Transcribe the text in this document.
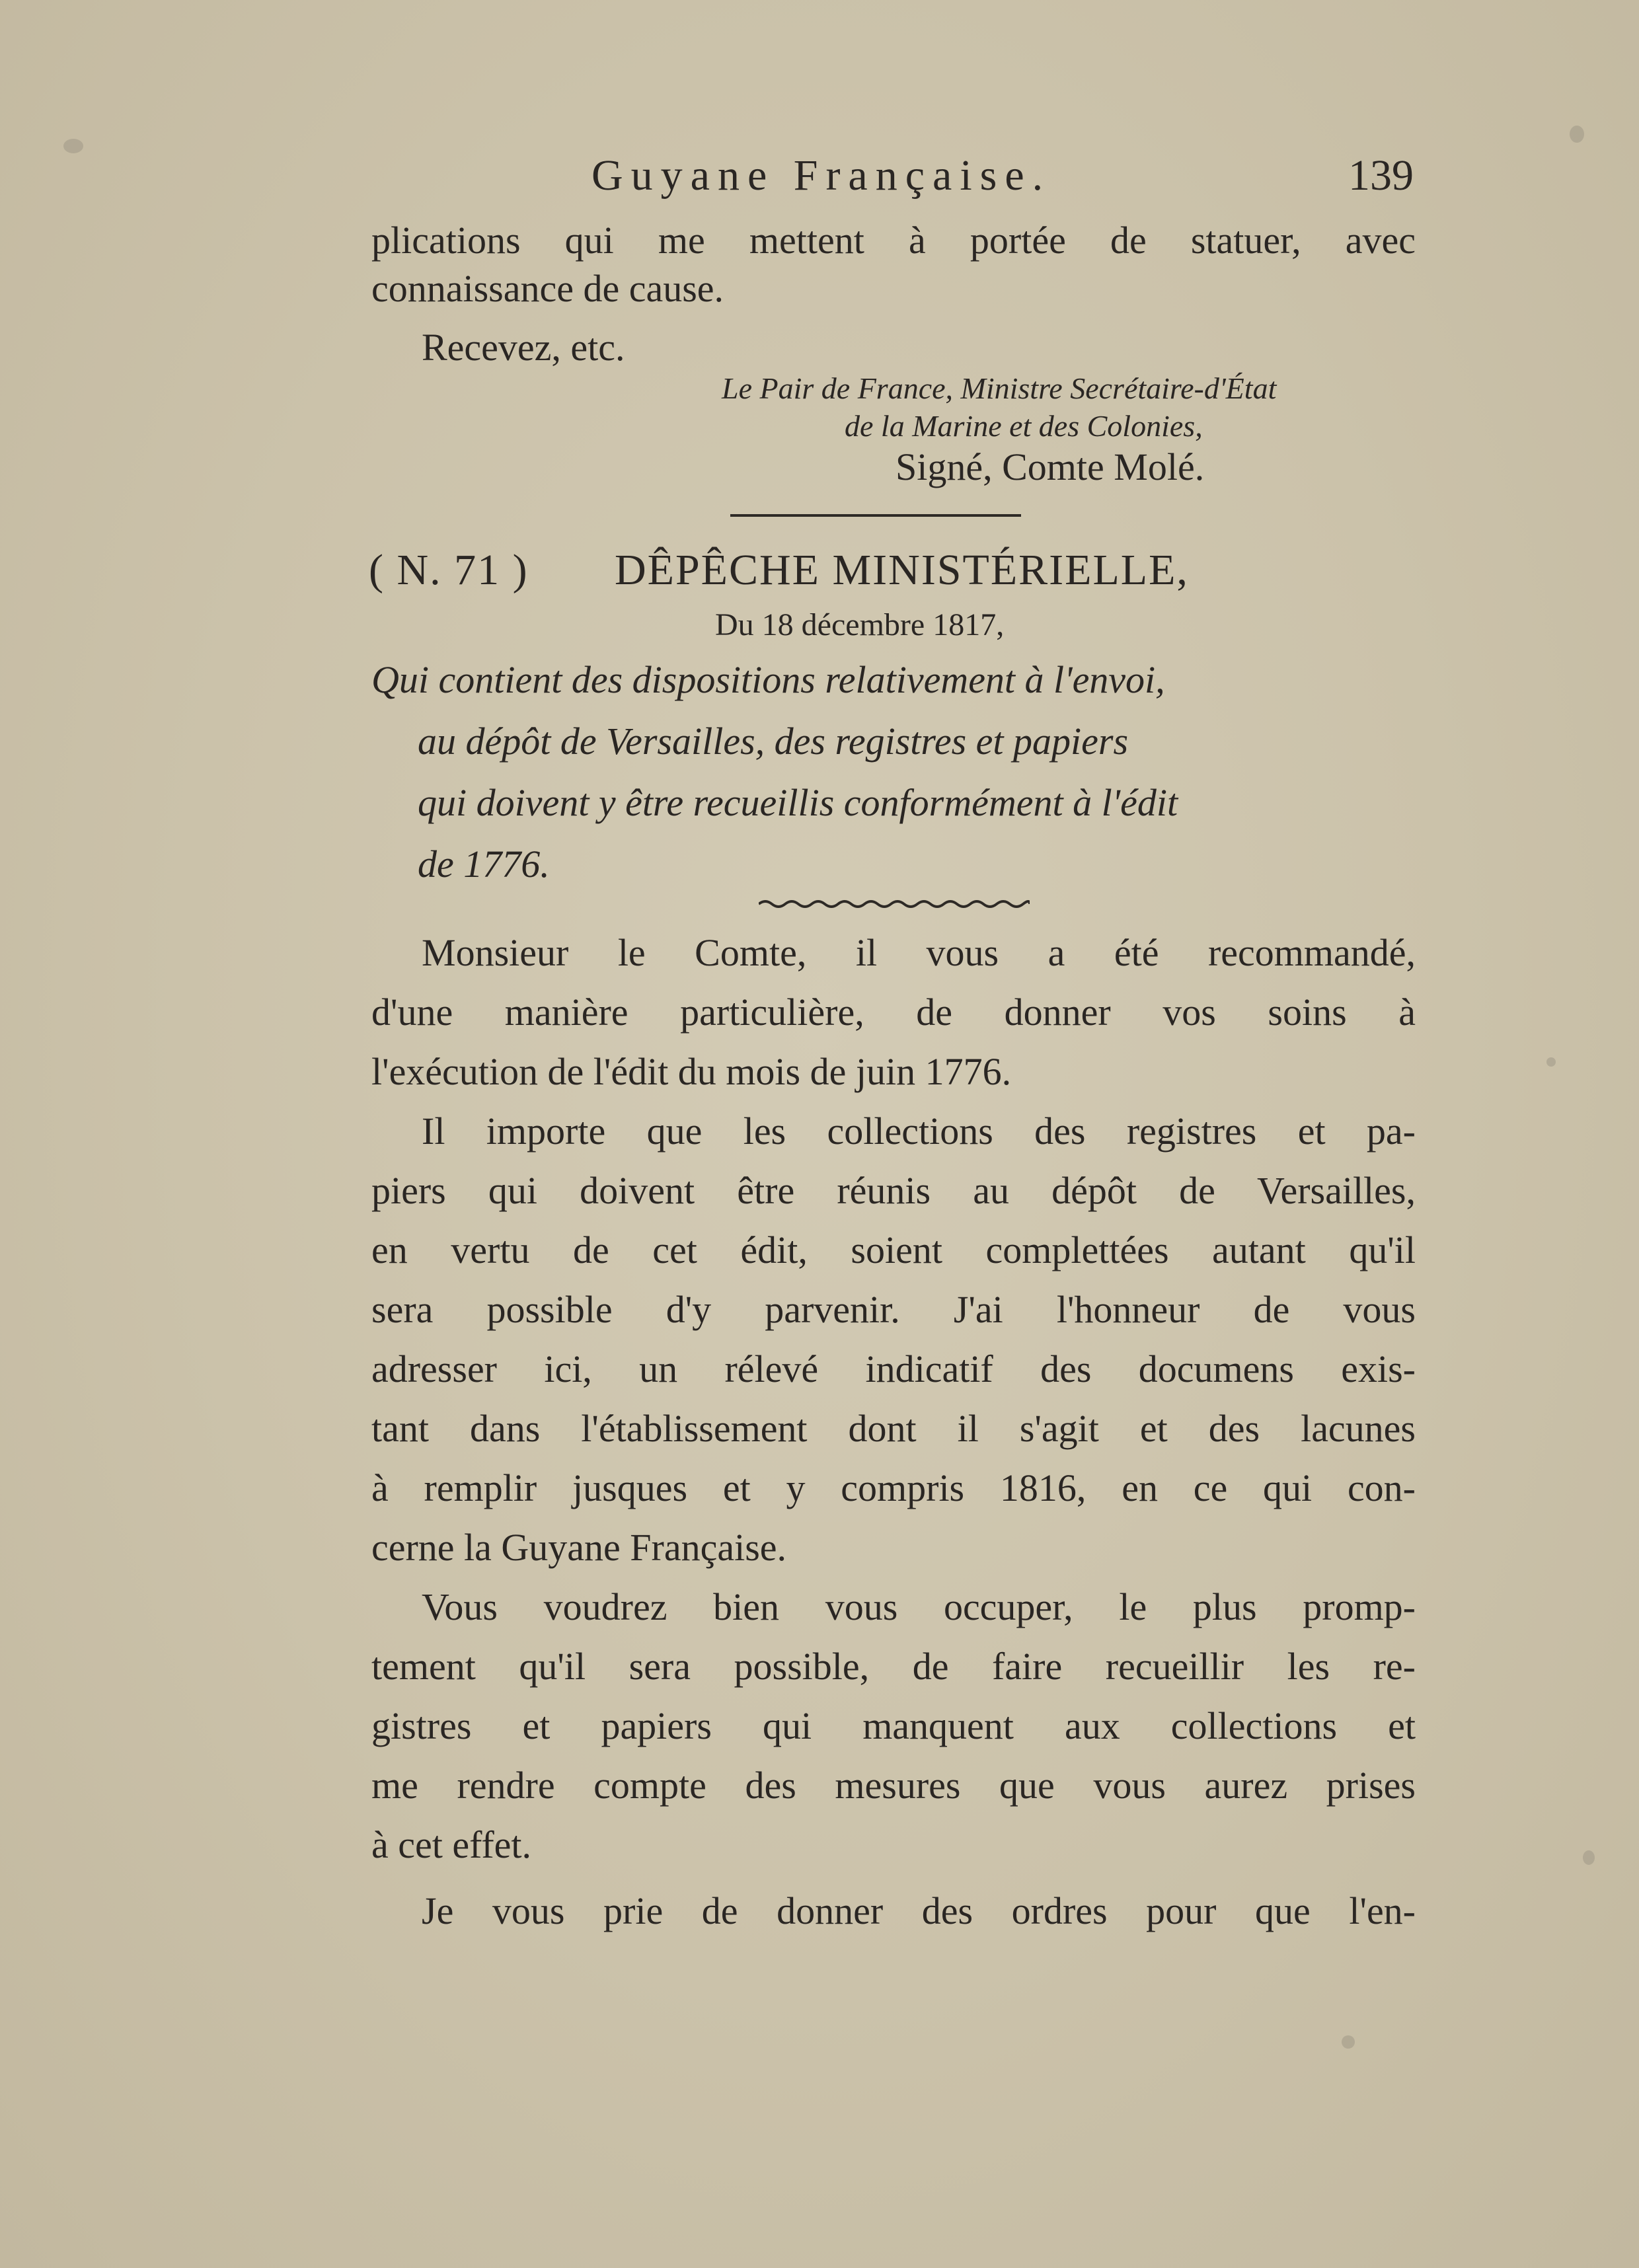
Guyane Française.	139
plications qui me mettent à portée de statuer, avec
connaissance de cause.
Recevez, etc.
Le Pair de France, Ministre Secrétaire-d'État
de la Marine et des Colonies,
Signé, Comte Molé.
( N. 71 ) DÊPÊCHE MINISTÉRIELLE,
Du 18 décembre 1817,
Qui contient des dispositions relativement à l'envoi,
au dépôt de Versailles, des registres et papiers
qui doivent y être recueillis conformément à l'édit
de 1776.
Monsieur le Comte, il vous a été recommandé,
d'une manière particulière, de donner vos soins à
l'exécution de l'édit du mois de juin 1776.
Il importe que les collections des registres et pa-
piers qui doivent être réunis au dépôt de Versailles,
en vertu de cet édit, soient complettées autant qu'il
sera possible d'y parvenir. J'ai l'honneur de vous
adresser ici, un rélevé indicatif des documens exis-
tant dans l'établissement dont il s'agit et des lacunes
à remplir jusques et y compris 1816, en ce qui con-
cerne la Guyane Française.
Vous voudrez bien vous occuper, le plus promp-
tement qu'il sera possible, de faire recueillir les re-
gistres et papiers qui manquent aux collections et
me rendre compte des mesures que vous aurez prises
à cet effet.
Je vous prie de donner des ordres pour que l'en-
